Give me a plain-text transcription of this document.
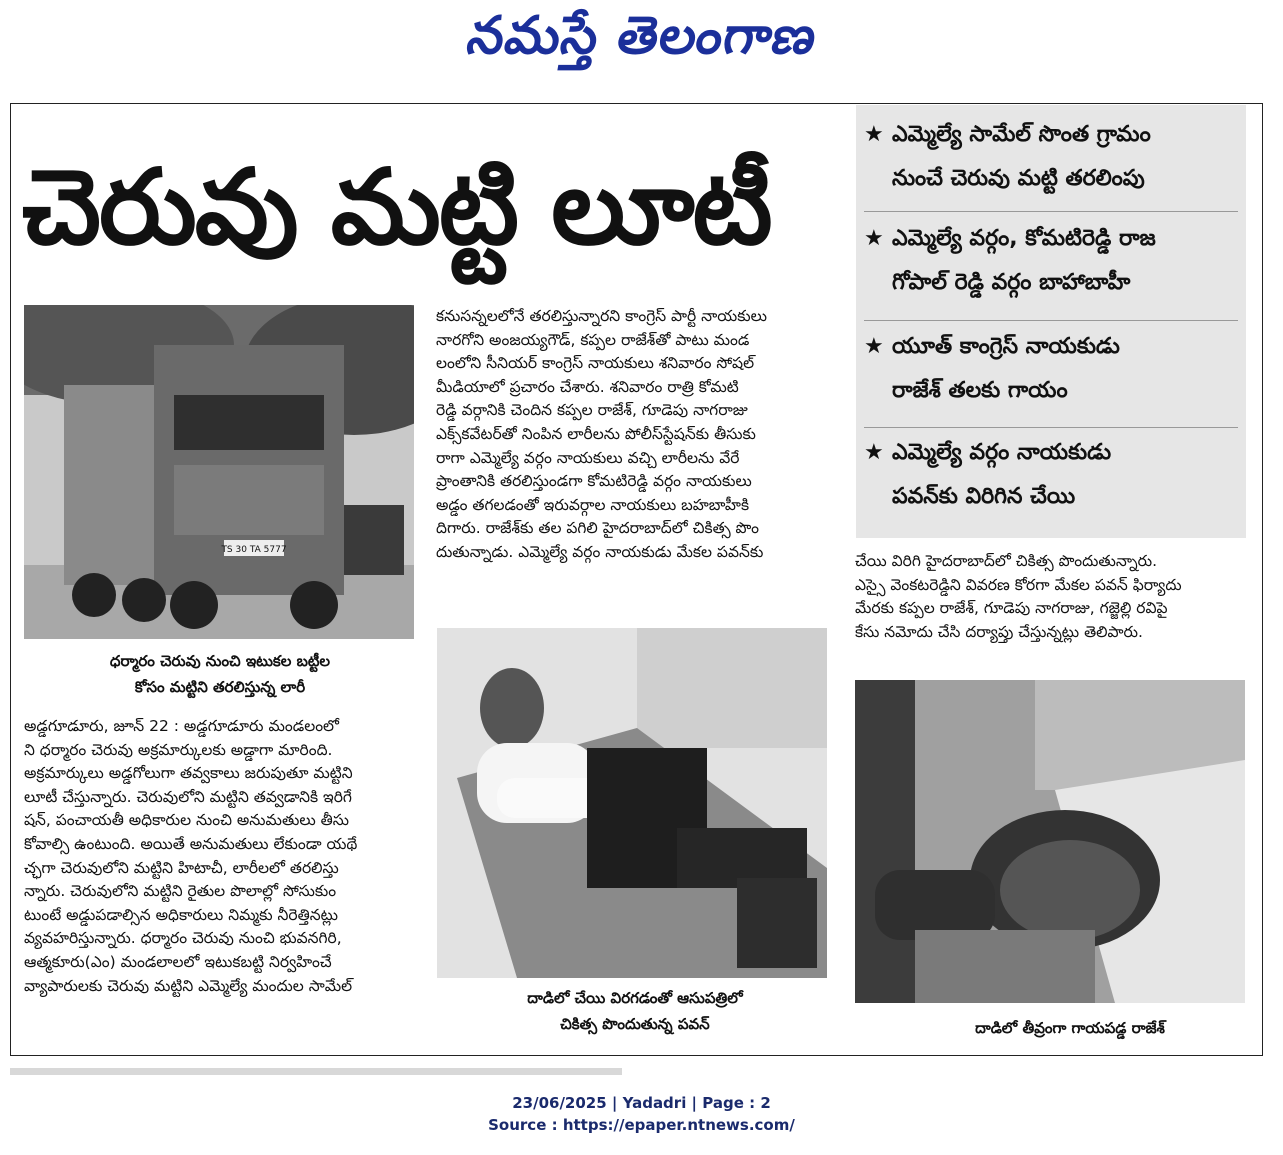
నమస్తే తెలంగాణ
చెరువు మట్టి లూటీ
★ ఎమ్మెల్యే సామేల్ సొంత గ్రామం
నుంచే చెరువు మట్టి తరలింపు
★ ఎమ్మెల్యే వర్గం, కోమటిరెడ్డి రాజ
గోపాల్ రెడ్డి వర్గం బాహాబాహీ
★ యూత్ కాంగ్రెస్ నాయకుడు
రాజేశ్ తలకు గాయం
★ ఎమ్మెల్యే వర్గం నాయకుడు
పవన్‌కు విరిగిన చేయి
TS 30 TA 5777
ధర్మారం చెరువు నుంచి ఇటుకల బట్టీల
కోసం మట్టిని తరలిస్తున్న లారీ
అడ్డగూడూరు, జూన్ 22 : అడ్డగూడూరు మండలంలో
ని ధర్మారం చెరువు అక్రమార్కులకు అడ్డాగా మారింది.
అక్రమార్కులు అడ్డగోలుగా తవ్వకాలు జరుపుతూ మట్టిని
లూటీ చేస్తున్నారు. చెరువులోని మట్టిని తవ్వడానికి ఇరిగే
షన్, పంచాయతీ అధికారుల నుంచి అనుమతులు తీసు
కోవాల్సి ఉంటుంది. అయితే అనుమతులు లేకుండా యథే
చ్ఛగా చెరువులోని మట్టిని హిటాచీ, లారీలలో తరలిస్తు
న్నారు. చెరువులోని మట్టిని రైతుల పొలాల్లో సోసుకుం
టుంటే అడ్డుపడాల్సిన అధికారులు నిమ్మకు నీరెత్తినట్లు
వ్యవహరిస్తున్నారు. ధర్మారం చెరువు నుంచి భువనగిరి,
ఆత్మకూరు(ఎం) మండలాలలో ఇటుకబట్టి నిర్వహించే
వ్యాపారులకు చెరువు మట్టిని ఎమ్మెల్యే మందుల సామేల్
కనుసన్నలలోనే తరలిస్తున్నారని కాంగ్రెస్ పార్టీ నాయకులు
నారగోని అంజయ్యగౌడ్, కప్పల రాజేశ్‌తో పాటు మండ
లంలోని సీనియర్ కాంగ్రెస్ నాయకులు శనివారం సోషల్
మీడియాలో ప్రచారం చేశారు. శనివారం రాత్రి కోమటి
రెడ్డి వర్గానికి చెందిన కప్పల రాజేశ్, గూడెపు నాగరాజు
ఎక్స్‌కవేటర్‌తో నింపిన లారీలను పోలీస్‌స్టేషన్‌కు తీసుకు
రాగా ఎమ్మెల్యే వర్గం నాయకులు వచ్చి లారీలను వేరే
ప్రాంతానికి తరలిస్తుండగా కోమటిరెడ్డి వర్గం నాయకులు
అడ్డం తగలడంతో ఇరువర్గాల నాయకులు బహబాహీకి
దిగారు. రాజేశ్‌కు తల పగిలి హైదరాబాద్‌లో చికిత్స పొం
దుతున్నాడు. ఎమ్మెల్యే వర్గం నాయకుడు మేకల పవన్‌కు
దాడిలో చేయి విరగడంతో ఆసుపత్రిలో
చికిత్స పొందుతున్న పవన్
చేయి విరిగి హైదరాబాద్‌లో చికిత్స పొందుతున్నారు.
ఎస్సై వెంకటరెడ్డిని వివరణ కోరగా మేకల పవన్ ఫిర్యాదు
మేరకు కప్పల రాజేశ్, గూడెపు నాగరాజు, గజ్జెల్లి రవిపై
కేసు నమోదు చేసి దర్యాప్తు చేస్తున్నట్లు తెలిపారు.
దాడిలో తీవ్రంగా గాయపడ్డ రాజేశ్
23/06/2025 | Yadadri | Page : 2
Source : https://epaper.ntnews.com/
